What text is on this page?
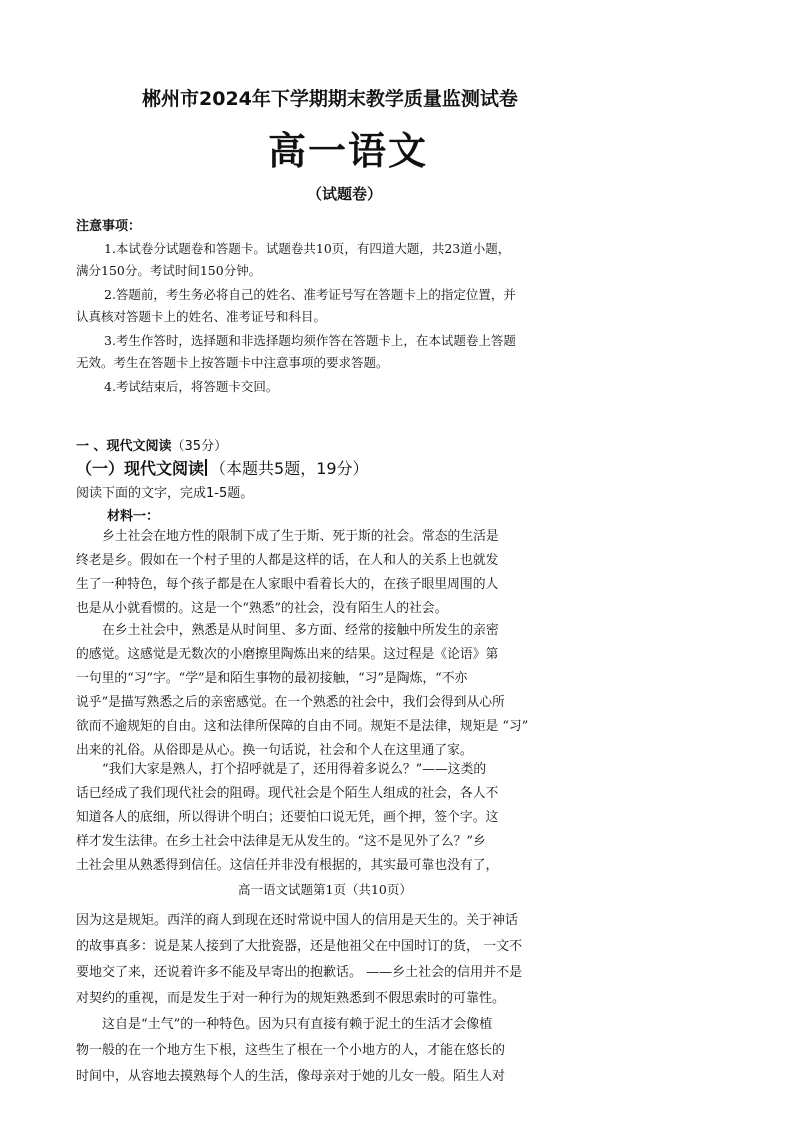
郴州市2024年下学期期末教学质量监测试卷
高一语文
（试题卷）
注意事项：
1.本试卷分试题卷和答题卡。试题卷共10页，有四道大题，共23道小题，
满分150分。考试时间150分钟。
2.答题前，考生务必将自己的姓名、准考证号写在答题卡上的指定位置，并
认真核对答题卡上的姓名、准考证号和科目。
3.考生作答时，选择题和非选择题均须作答在答题卡上，在本试题卷上答题
无效。考生在答题卡上按答题卡中注意事项的要求答题。
4.考试结束后，将答题卡交回。
一 、现代文阅读（35分）
（一）现代文阅读 （本题共5题，19分）
阅读下面的文字，完成1-5题。
材料一：
乡土社会在地方性的限制下成了生于斯、死于斯的社会。常态的生活是
终老是乡。假如在一个村子里的人都是这样的话，在人和人的关系上也就发
生了一种特色，每个孩子都是在人家眼中看着长大的，在孩子眼里周围的人
也是从小就看惯的。这是一个“熟悉”的社会，没有陌生人的社会。
在乡土社会中，熟悉是从时间里、多方面、经常的接触中所发生的亲密
的感觉。这感觉是无数次的小磨擦里陶炼出来的结果。这过程是《论语》第
一句里的“习”字。“学”是和陌生事物的最初接触，“习”是陶炼，“不亦
说乎”是描写熟悉之后的亲密感觉。在一个熟悉的社会中，我们会得到从心所
欲而不逾规矩的自由。这和法律所保障的自由不同。规矩不是法律，规矩是 “习”
出来的礼俗。从俗即是从心。换一句话说，社会和个人在这里通了家。
“我们大家是熟人，打个招呼就是了，还用得着多说么？”——这类的
话已经成了我们现代社会的阻碍。现代社会是个陌生人组成的社会，各人不
知道各人的底细，所以得讲个明白；还要怕口说无凭，画个押，签个字。这
样才发生法律。在乡土社会中法律是无从发生的。“这不是见外了么？”乡
土社会里从熟悉得到信任。这信任并非没有根据的，其实最可靠也没有了，
高一语文试题第1页（共10页）
因为这是规矩。西洋的商人到现在还时常说中国人的信用是天生的。关于神话
的故事真多：说是某人接到了大批瓷器，还是他祖父在中国时订的货， 一文不
要地交了来，还说着许多不能及早寄出的抱歉话。 ——乡土社会的信用并不是
对契约的重视，而是发生于对一种行为的规矩熟悉到不假思索时的可靠性。
这自是“土气”的一种特色。因为只有直接有赖于泥土的生活才会像植
物一般的在一个地方生下根，这些生了根在一个小地方的人，才能在悠长的
时间中，从容地去摸熟每个人的生活，像母亲对于她的儿女一般。陌生人对
